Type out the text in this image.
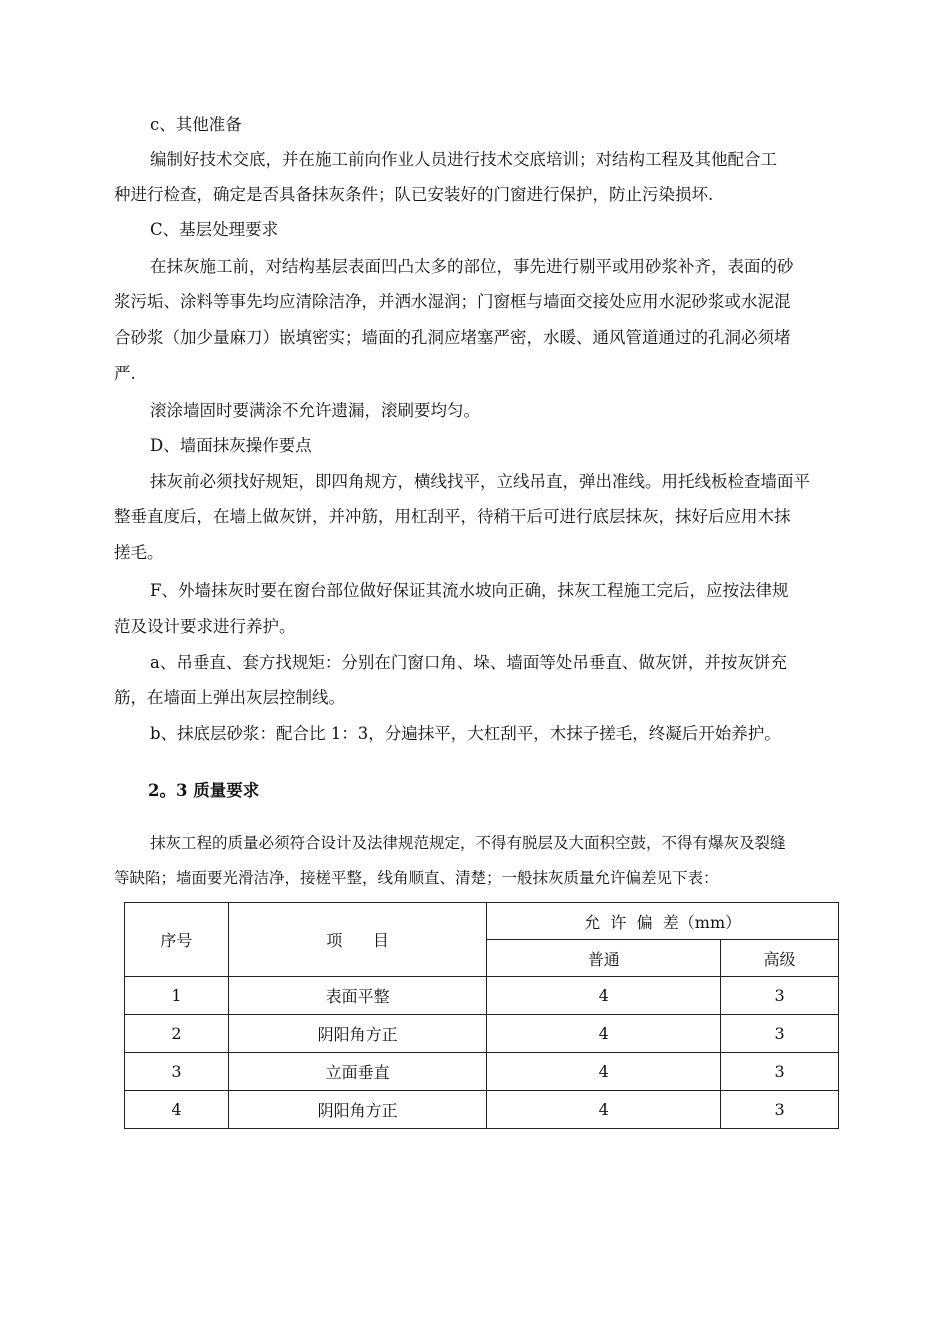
c、其他准备
编制好技术交底，并在施工前向作业人员进行技术交底培训；对结构工程及其他配合工
种进行检查，确定是否具备抹灰条件；队已安装好的门窗进行保护，防止污染损坏.
C、基层处理要求
在抹灰施工前，对结构基层表面凹凸太多的部位，事先进行剔平或用砂浆补齐，表面的砂
浆污垢、涂料等事先均应清除洁净，并洒水湿润；门窗框与墙面交接处应用水泥砂浆或水泥混
合砂浆（加少量麻刀）嵌填密实；墙面的孔洞应堵塞严密，水暖、通风管道通过的孔洞必须堵
严.
滚涂墙固时要满涂不允许遗漏，滚刷要均匀。
D、墙面抹灰操作要点
抹灰前必须找好规矩，即四角规方，横线找平，立线吊直，弹出准线。用托线板检查墙面平
整垂直度后，在墙上做灰饼，并冲筋，用杠刮平，待稍干后可进行底层抹灰，抹好后应用木抹
搓毛。
F、外墙抹灰时要在窗台部位做好保证其流水坡向正确，抹灰工程施工完后，应按法律规
范及设计要求进行养护。
a、吊垂直、套方找规矩：分别在门窗口角、垛、墙面等处吊垂直、做灰饼，并按灰饼充
筋，在墙面上弹出灰层控制线。
b、抹底层砂浆：配合比 1：3，分遍抹平，大杠刮平，木抹子搓毛，终凝后开始养护。
2。3 质量要求
抹灰工程的质量必须符合设计及法律规范规定，不得有脱层及大面积空鼓，不得有爆灰及裂缝
等缺陷；墙面要光滑洁净，接槎平整，线角顺直、清楚；一般抹灰质量允许偏差见下表：
序号	项      目	允  许  偏  差（mm）	
		普通	高级
1	表面平整	4	3
2	阴阳角方正	4	3
3	立面垂直	4	3
4	阴阳角方正	4	3
